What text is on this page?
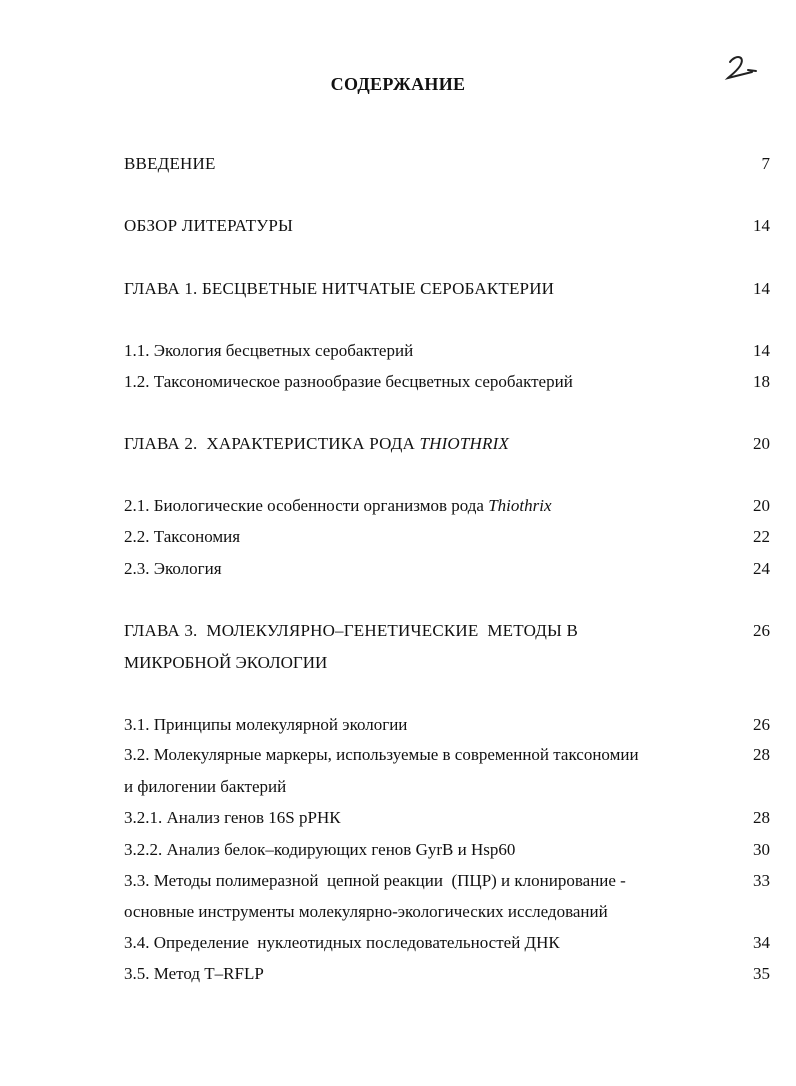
СОДЕРЖАНИЕ
ВВЕДЕНИЕ	7
ОБЗОР ЛИТЕРАТУРЫ	14
ГЛАВА 1. БЕСЦВЕТНЫЕ НИТЧАТЫЕ СЕРОБАКТЕРИИ	14
1.1. Экология бесцветных серобактерий	14
1.2. Таксономическое разнообразие бесцветных серобактерий	18
ГЛАВА 2.  ХАРАКТЕРИСТИКА РОДА THIOTHRIX	20
2.1. Биологические особенности организмов рода Thiothrix	20
2.2. Таксономия	22
2.3. Экология	24
ГЛАВА 3.  МОЛЕКУЛЯРНО–ГЕНЕТИЧЕСКИЕ  МЕТОДЫ В	26
МИКРОБНОЙ ЭКОЛОГИИ
3.1. Принципы молекулярной экологии	26
3.2. Молекулярные маркеры, используемые в современной таксономии	28
и филогении бактерий
3.2.1. Анализ генов 16S рРНК	28
3.2.2. Анализ белок–кодирующих генов GyrB и Hsp60	30
3.3. Методы полимеразной  цепной реакции  (ПЦР) и клонирование -	33
основные инструменты молекулярно-экологических исследований
3.4. Определение  нуклеотидных последовательностей ДНК	34
3.5. Метод T–RFLP	35
